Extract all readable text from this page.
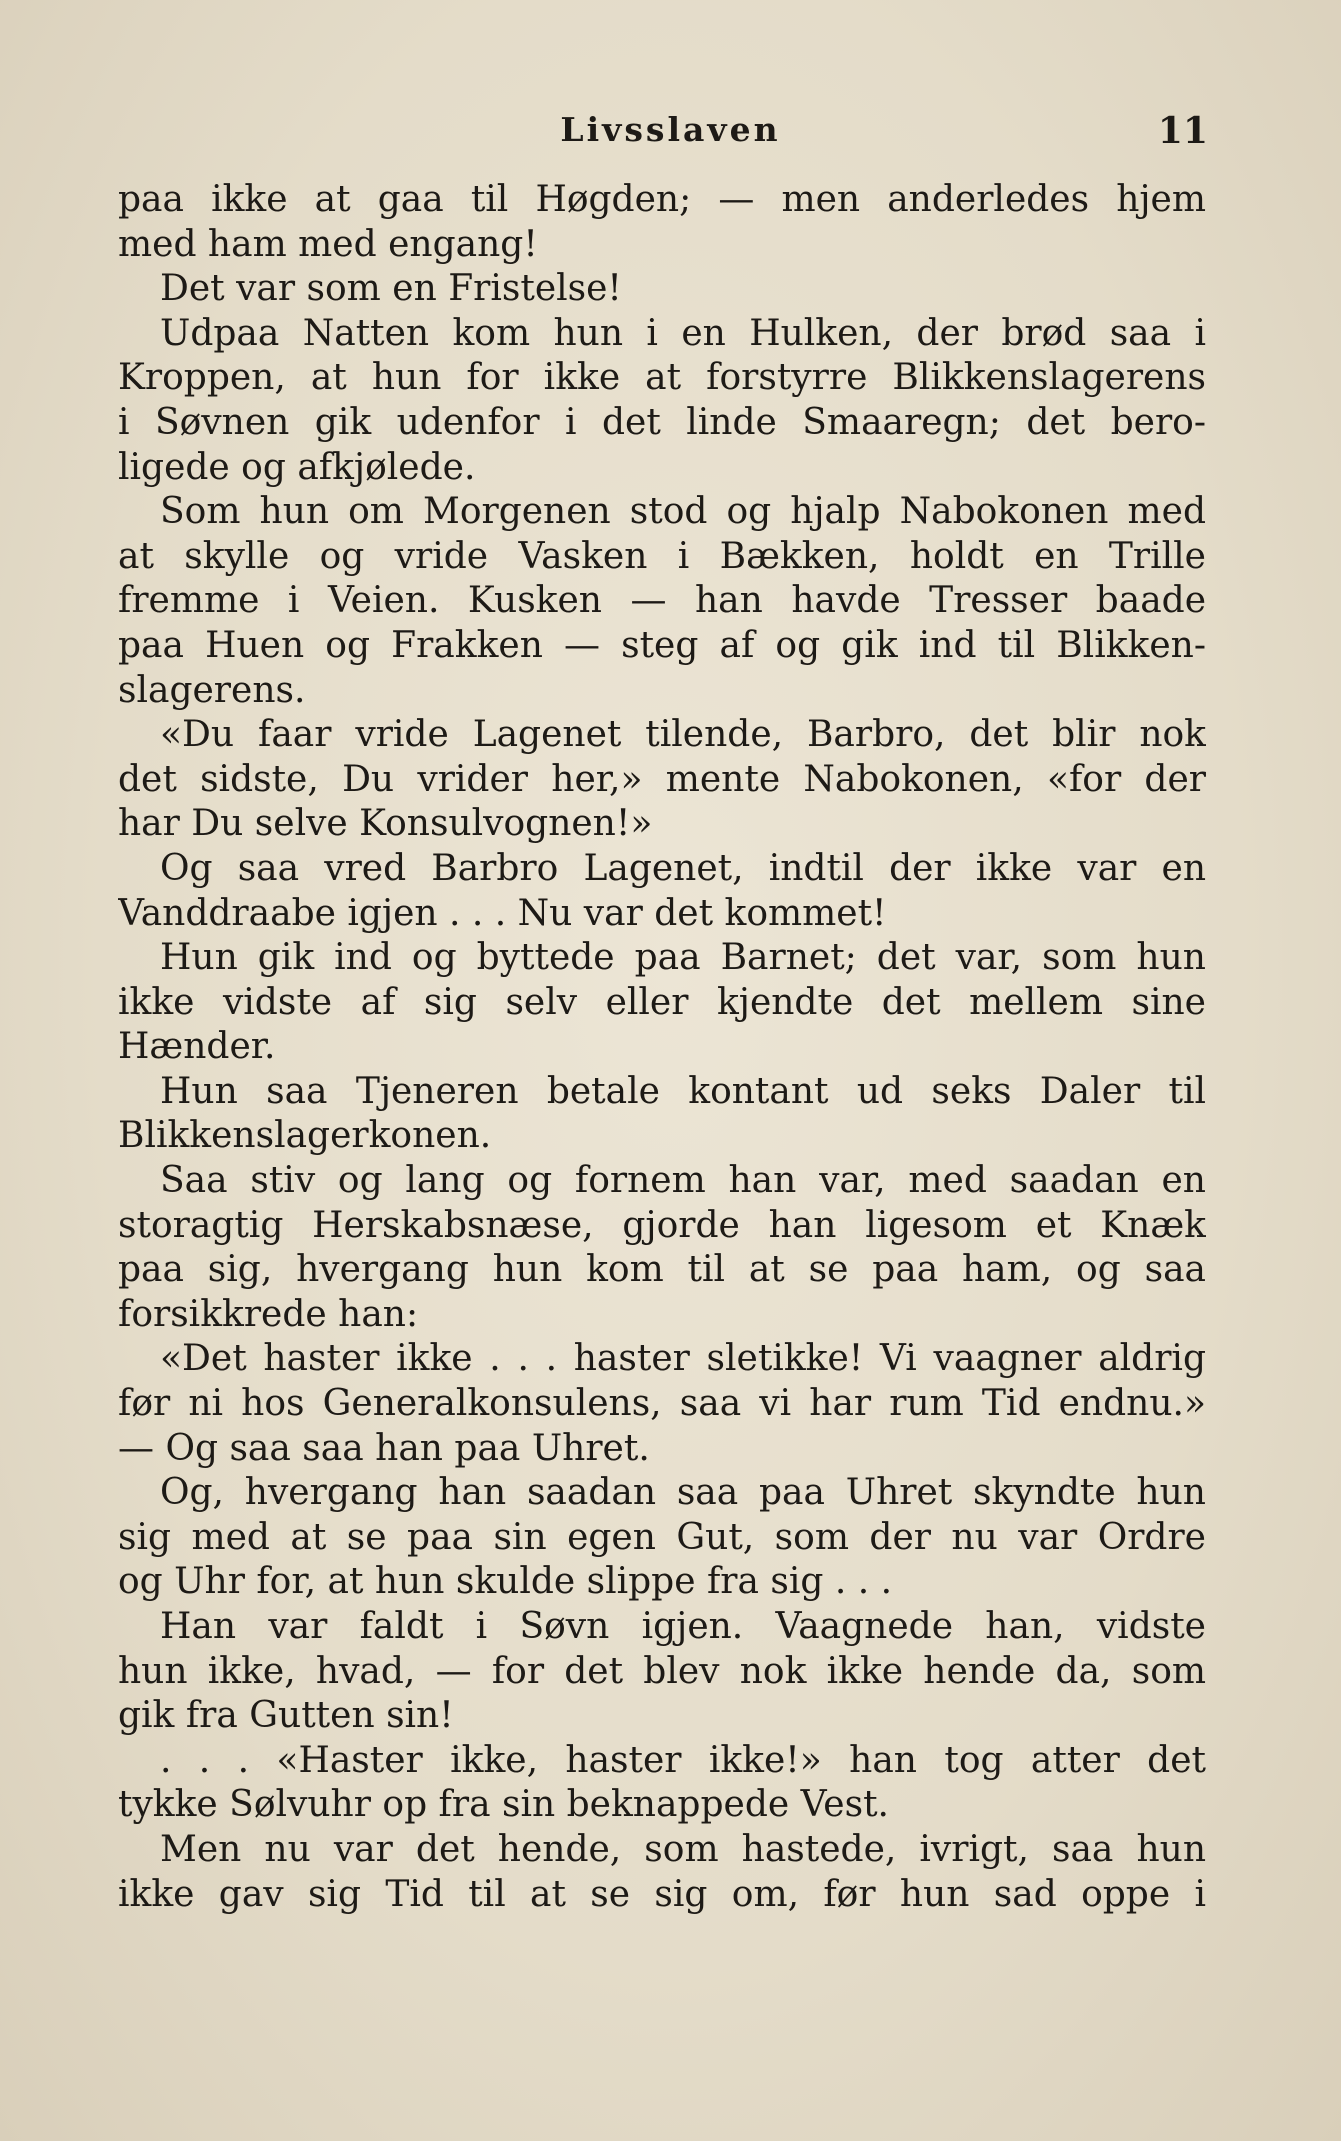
Livsslaven	11
paa ikke at gaa til Høgden; — men anderledes hjem
med ham med engang!
Det var som en Fristelse!
Udpaa Natten kom hun i en Hulken, der brød saa i
Kroppen, at hun for ikke at forstyrre Blikkenslagerens
i Søvnen gik udenfor i det linde Smaaregn; det bero-
ligede og afkjølede.
Som hun om Morgenen stod og hjalp Nabokonen med
at skylle og vride Vasken i Bækken, holdt en Trille
fremme i Veien. Kusken — han havde Tresser baade
paa Huen og Frakken — steg af og gik ind til Blikken-
slagerens.
«Du faar vride Lagenet tilende, Barbro, det blir nok
det sidste, Du vrider her,» mente Nabokonen, «for der
har Du selve Konsulvognen!»
Og saa vred Barbro Lagenet, indtil der ikke var en
Vanddraabe igjen . . . Nu var det kommet!
Hun gik ind og byttede paa Barnet; det var, som hun
ikke vidste af sig selv eller kjendte det mellem sine
Hænder.
Hun saa Tjeneren betale kontant ud seks Daler til
Blikkenslagerkonen.
Saa stiv og lang og fornem han var, med saadan en
storagtig Herskabsnæse, gjorde han ligesom et Knæk
paa sig, hvergang hun kom til at se paa ham, og saa
forsikkrede han:
«Det haster ikke . . . haster sletikke! Vi vaagner aldrig
før ni hos Generalkonsulens, saa vi har rum Tid endnu.»
— Og saa saa han paa Uhret.
Og, hvergang han saadan saa paa Uhret skyndte hun
sig med at se paa sin egen Gut, som der nu var Ordre
og Uhr for, at hun skulde slippe fra sig . . .
Han var faldt i Søvn igjen. Vaagnede han, vidste
hun ikke, hvad, — for det blev nok ikke hende da, som
gik fra Gutten sin!
. . . «Haster ikke, haster ikke!» han tog atter det
tykke Sølvuhr op fra sin beknappede Vest.
Men nu var det hende, som hastede, ivrigt, saa hun
ikke gav sig Tid til at se sig om, før hun sad oppe i
